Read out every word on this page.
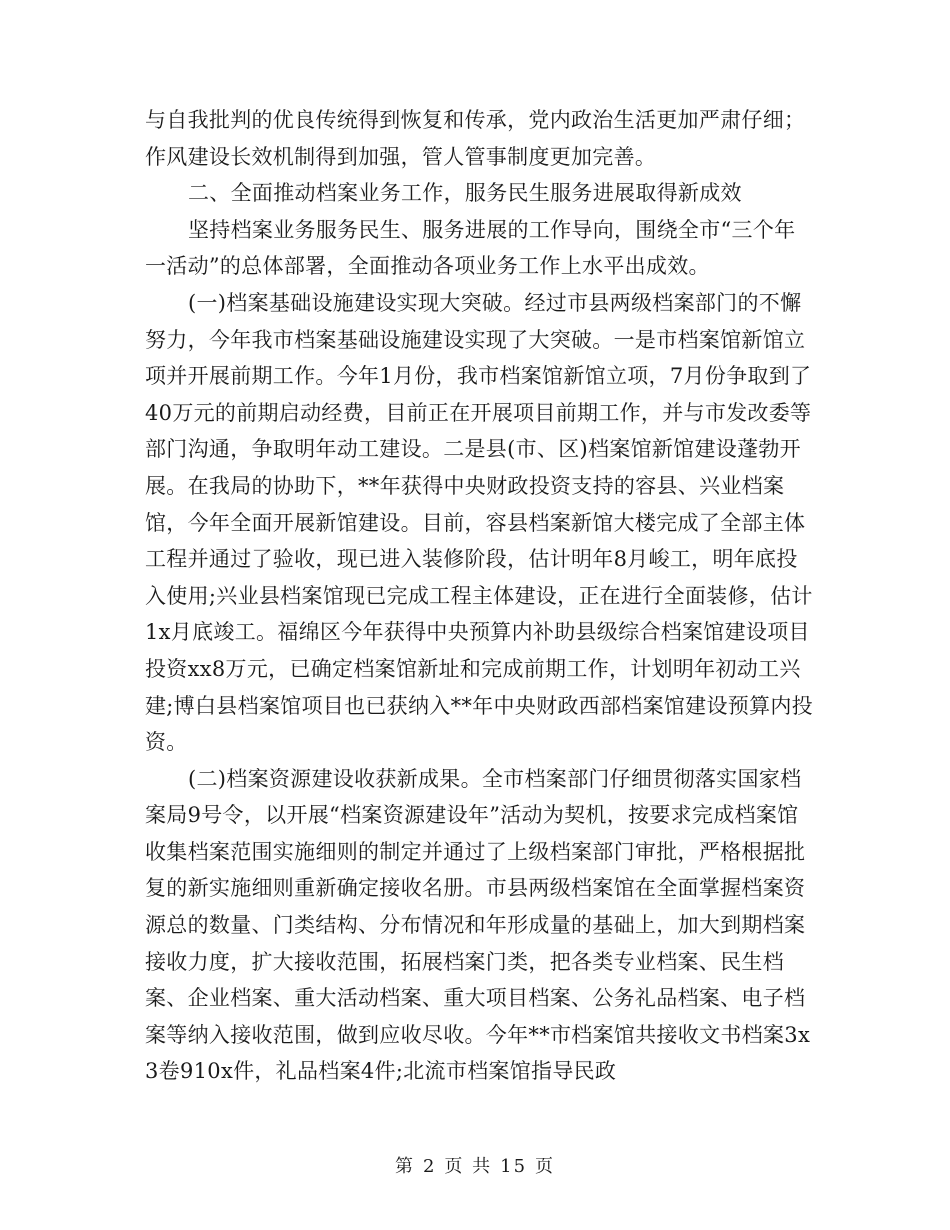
与自我批判的优良传统得到恢复和传承，党内政治生活更加严肃仔细；作风建设长效机制得到加强，管人管事制度更加完善。

二、全面推动档案业务工作，服务民生服务进展取得新成效

坚持档案业务服务民生、服务进展的工作导向，围绕全市“三个年一活动”的总体部署，全面推动各项业务工作上水平出成效。

(一)档案基础设施建设实现大突破。经过市县两级档案部门的不懈努力，今年我市档案基础设施建设实现了大突破。一是市档案馆新馆立项并开展前期工作。今年1月份，我市档案馆新馆立项，7月份争取到了40万元的前期启动经费，目前正在开展项目前期工作，并与市发改委等部门沟通，争取明年动工建设。二是县(市、区)档案馆新馆建设蓬勃开展。在我局的协助下，**年获得中央财政投资支持的容县、兴业档案馆，今年全面开展新馆建设。目前，容县档案新馆大楼完成了全部主体工程并通过了验收，现已进入装修阶段，估计明年8月峻工，明年底投入使用;兴业县档案馆现已完成工程主体建设，正在进行全面装修，估计1x月底竣工。福绵区今年获得中央预算内补助县级综合档案馆建设项目投资xx8万元，已确定档案馆新址和完成前期工作，计划明年初动工兴建;博白县档案馆项目也已获纳入**年中央财政西部档案馆建设预算内投资。

(二)档案资源建设收获新成果。全市档案部门仔细贯彻落实国家档案局9号令，以开展“档案资源建设年”活动为契机，按要求完成档案馆收集档案范围实施细则的制定并通过了上级档案部门审批，严格根据批复的新实施细则重新确定接收名册。市县两级档案馆在全面掌握档案资源总的数量、门类结构、分布情况和年形成量的基础上，加大到期档案接收力度，扩大接收范围，拓展档案门类，把各类专业档案、民生档案、企业档案、重大活动档案、重大项目档案、公务礼品档案、电子档案等纳入接收范围，做到应收尽收。今年**市档案馆共接收文书档案3x3卷910x件，礼品档案4件;北流市档案馆指导民政

第 2 页 共 15 页
